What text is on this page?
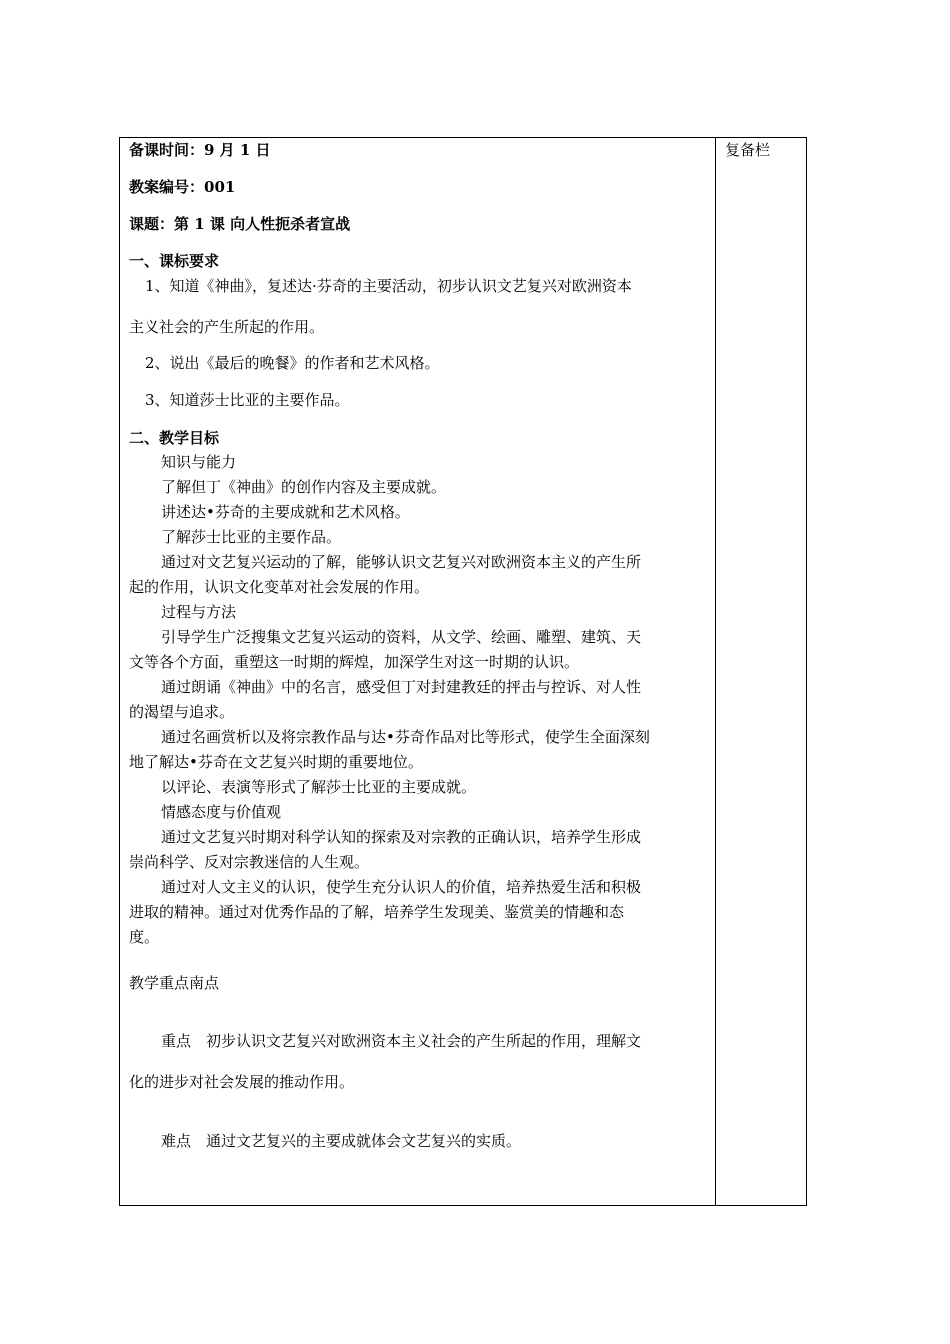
备课时间：9 月 1 日	复备栏
教案编号：001
课题：第 1 课 向人性扼杀者宣战
一、课标要求
1、知道《神曲》，复述达·芬奇的主要活动，初步认识文艺复兴对欧洲资本
主义社会的产生所起的作用。
2、说出《最后的晚餐》的作者和艺术风格。
3、知道莎士比亚的主要作品。
二、教学目标
知识与能力
了解但丁《神曲》的创作内容及主要成就。
讲述达•芬奇的主要成就和艺术风格。
了解莎士比亚的主要作品。
通过对文艺复兴运动的了解，能够认识文艺复兴对欧洲资本主义的产生所
起的作用，认识文化变革对社会发展的作用。
过程与方法
引导学生广泛搜集文艺复兴运动的资料，从文学、绘画、雕塑、建筑、天
文等各个方面，重塑这一时期的辉煌，加深学生对这一时期的认识。
通过朗诵《神曲》中的名言，感受但丁对封建教廷的抨击与控诉、对人性
的渴望与追求。
通过名画赏析以及将宗教作品与达•芬奇作品对比等形式，使学生全面深刻
地了解达•芬奇在文艺复兴时期的重要地位。
以评论、表演等形式了解莎士比亚的主要成就。
情感态度与价值观
通过文艺复兴时期对科学认知的探索及对宗教的正确认识，培养学生形成
崇尚科学、反对宗教迷信的人生观。
通过对人文主义的认识，使学生充分认识人的价值，培养热爱生活和积极
进取的精神。通过对优秀作品的了解，培养学生发现美、鉴赏美的情趣和态
度。
教学重点南点
重点　初步认识文艺复兴对欧洲资本主义社会的产生所起的作用，理解文
化的进步对社会发展的推动作用。
难点　通过文艺复兴的主要成就体会文艺复兴的实质。
